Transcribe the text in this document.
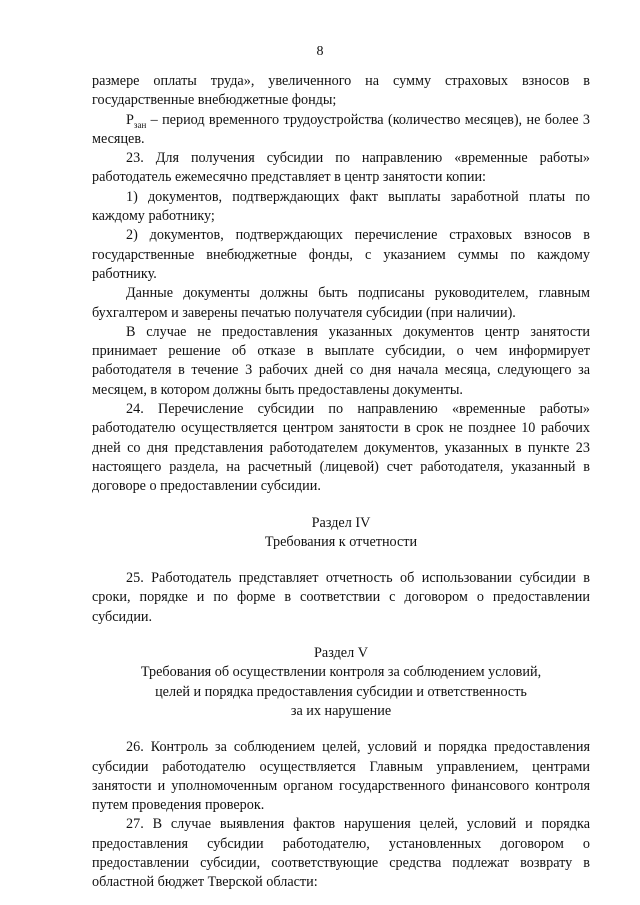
8

размере оплаты труда», увеличенного на сумму страховых взносов в государственные внебюджетные фонды;

$P_{зан}$ – период временного трудоустройства (количество месяцев), не более 3 месяцев.

23. Для получения субсидии по направлению «временные работы» работодатель ежемесячно представляет в центр занятости копии:

1) документов, подтверждающих факт выплаты заработной платы по каждому работнику;

2) документов, подтверждающих перечисление страховых взносов в государственные внебюджетные фонды, с указанием суммы по каждому работнику.

Данные документы должны быть подписаны руководителем, главным бухгалтером и заверены печатью получателя субсидии (при наличии).

В случае не предоставления указанных документов центр занятости принимает решение об отказе в выплате субсидии, о чем информирует работодателя в течение 3 рабочих дней со дня начала месяца, следующего за месяцем, в котором должны быть предоставлены документы.

24. Перечисление субсидии по направлению «временные работы» работодателю осуществляется центром занятости в срок не позднее 10 рабочих дней со дня представления работодателем документов, указанных в пункте 23 настоящего раздела, на расчетный (лицевой) счет работодателя, указанный в договоре о предоставлении субсидии.

Раздел IV

Требования к отчетности

25. Работодатель представляет отчетность об использовании субсидии в сроки, порядке и по форме в соответствии с договором о предоставлении субсидии.

Раздел V

Требования об осуществлении контроля за соблюдением условий,

целей и порядка предоставления субсидии и ответственность

за их нарушение

26. Контроль за соблюдением целей, условий и порядка предоставления субсидии работодателю осуществляется Главным управлением, центрами занятости и уполномоченным органом государственного финансового контроля путем проведения проверок.

27. В случае выявления фактов нарушения целей, условий и порядка предоставления субсидии работодателю, установленных договором о предоставлении субсидии, соответствующие средства подлежат возврату в областной бюджет Тверской области:
